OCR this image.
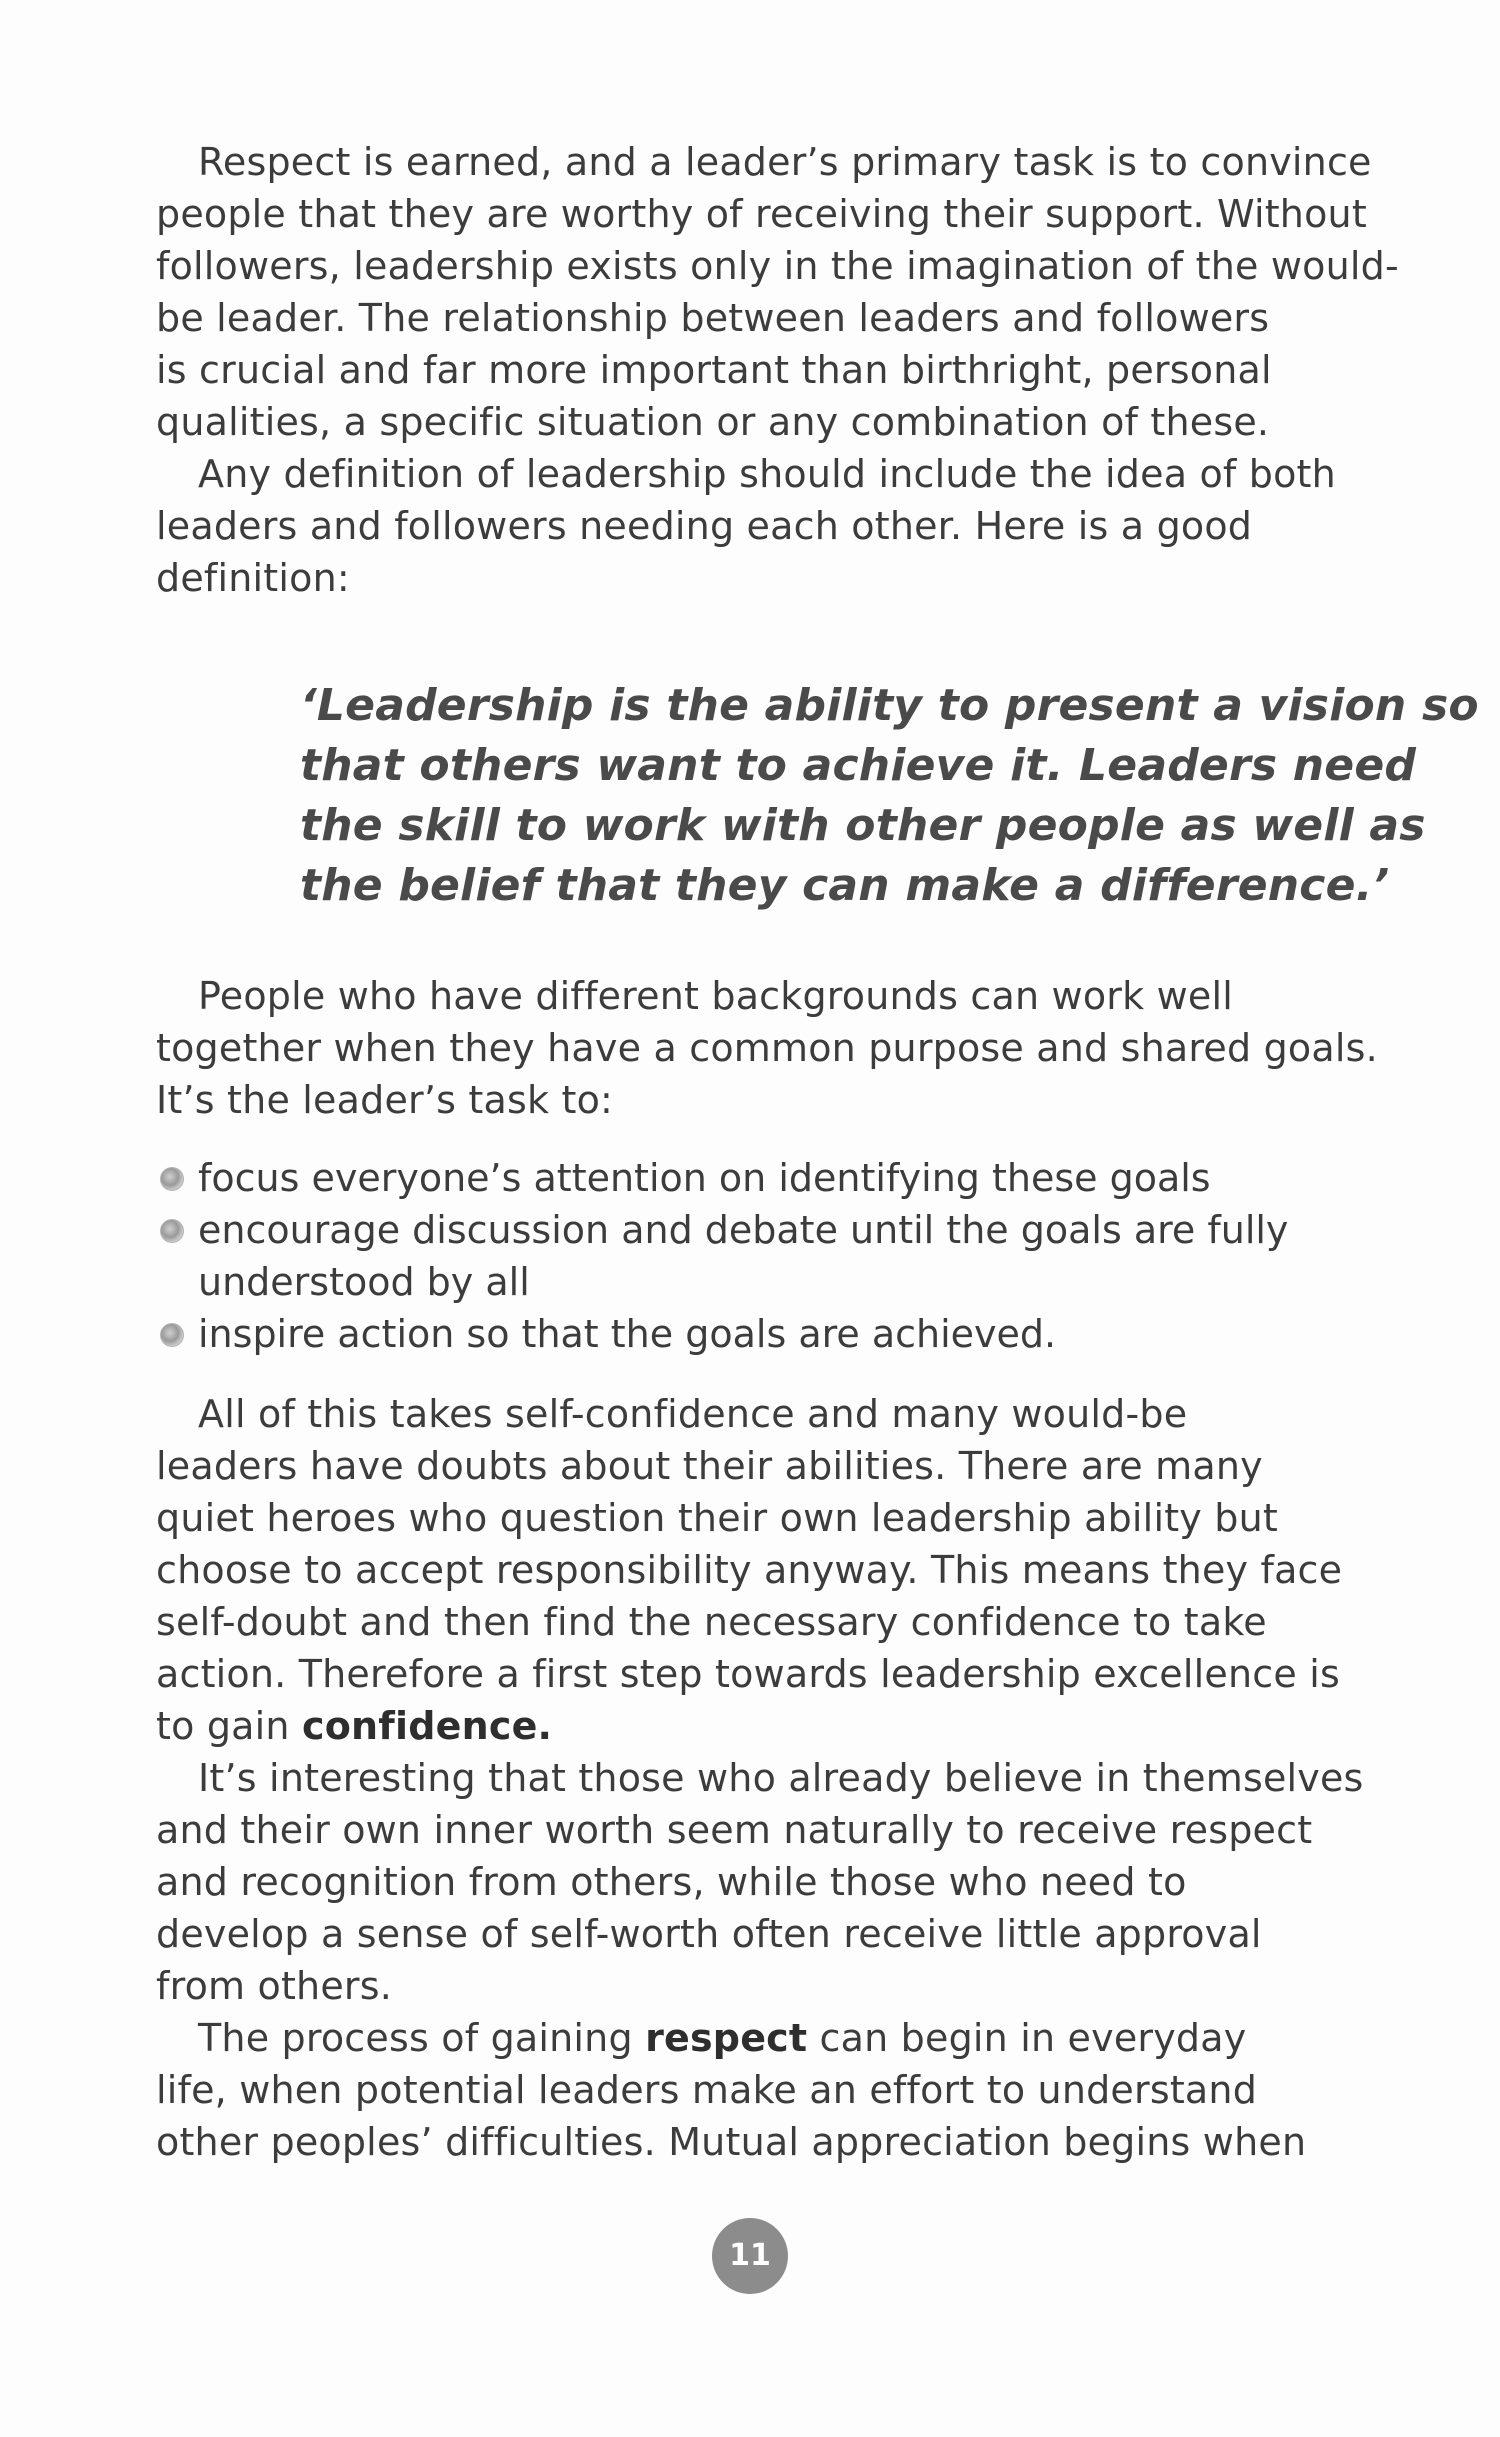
Respect is earned, and a leader’s primary task is to convince
people that they are worthy of receiving their support. Without
followers, leadership exists only in the imagination of the would-
be leader. The relationship between leaders and followers
is crucial and far more important than birthright, personal
qualities, a specific situation or any combination of these.
Any definition of leadership should include the idea of both
leaders and followers needing each other. Here is a good
definition:
‘Leadership is the ability to present a vision so
that others want to achieve it. Leaders need
the skill to work with other people as well as
the belief that they can make a difference.’
People who have different backgrounds can work well
together when they have a common purpose and shared goals.
It’s the leader’s task to:
focus everyone’s attention on identifying these goals
encourage discussion and debate until the goals are fully
understood by all
inspire action so that the goals are achieved.
All of this takes self-confidence and many would-be
leaders have doubts about their abilities. There are many
quiet heroes who question their own leadership ability but
choose to accept responsibility anyway. This means they face
self-doubt and then find the necessary confidence to take
action. Therefore a first step towards leadership excellence is
to gain confidence.
It’s interesting that those who already believe in themselves
and their own inner worth seem naturally to receive respect
and recognition from others, while those who need to
develop a sense of self-worth often receive little approval
from others.
The process of gaining respect can begin in everyday
life, when potential leaders make an effort to understand
other peoples’ difficulties. Mutual appreciation begins when
11
